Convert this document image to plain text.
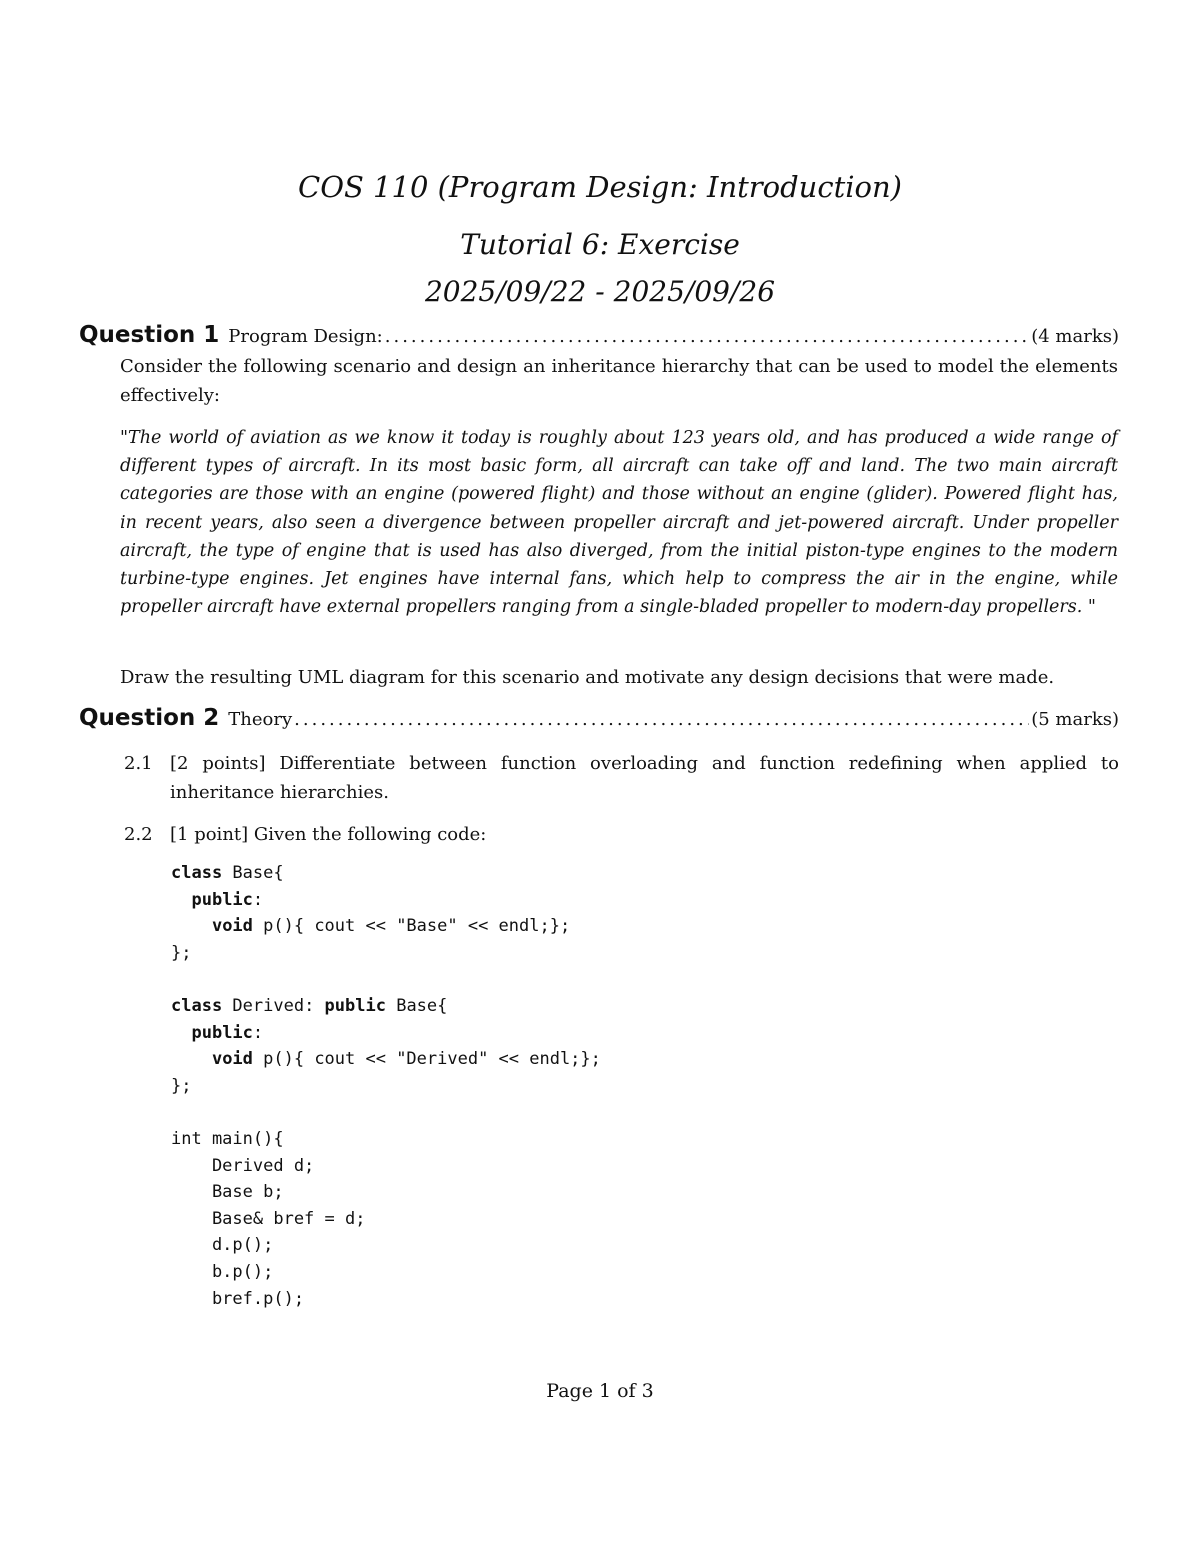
COS 110 (Program Design: Introduction)
Tutorial 6: Exercise
2025/09/22 - 2025/09/26
Question 1 Program Design: .....	(4 marks)
Consider the following scenario and design an inheritance hierarchy that can be used to model the elements effectively:
"The world of aviation as we know it today is roughly about 123 years old, and has produced a wide range of different types of aircraft. In its most basic form, all aircraft can take off and land. The two main aircraft categories are those with an engine (powered flight) and those without an engine (glider). Powered flight has, in recent years, also seen a divergence between propeller aircraft and jet-powered aircraft. Under propeller aircraft, the type of engine that is used has also diverged, from the initial piston-type engines to the modern turbine-type engines. Jet engines have internal fans, which help to compress the air in the engine, while propeller aircraft have external propellers ranging from a single-bladed propeller to modern-day propellers. "
Draw the resulting UML diagram for this scenario and motivate any design decisions that were made.
Question 2 Theory .....	(5 marks)
2.1 [2 points] Differentiate between function overloading and function redefining when applied to inheritance hierarchies.
2.2 [1 point] Given the following code:
class Base{
public:
void p(){ cout << "Base" << endl;};
};

class Derived: public Base{
public:
void p(){ cout << "Derived" << endl;};
};

int main(){
Derived d;
Base b;
Base& bref = d;
d.p();
b.p();
bref.p();
Page 1 of 3
